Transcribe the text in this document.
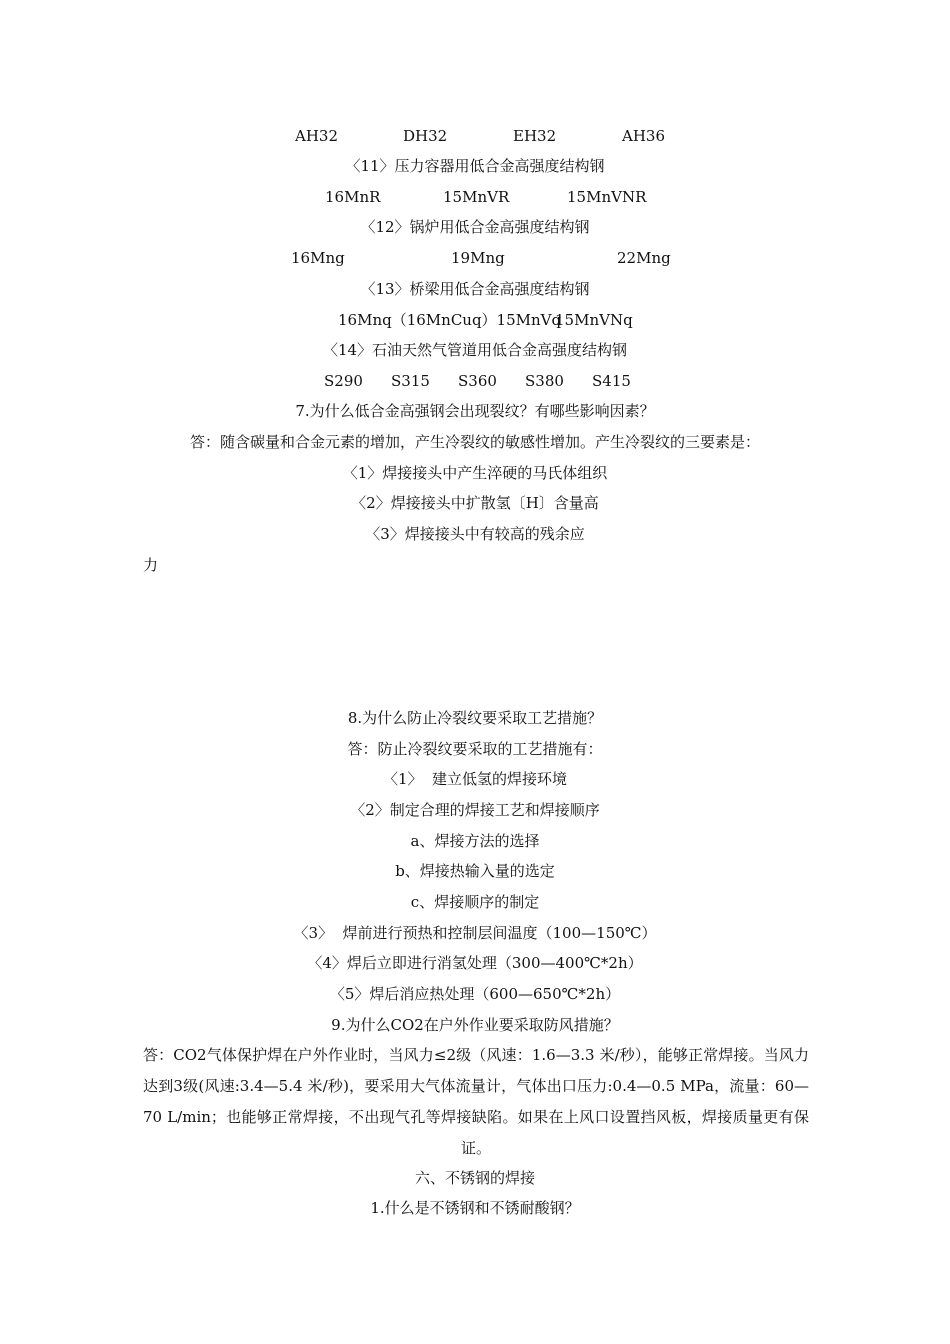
AH32	DH32	EH32	AH36
〈11〉压力容器用低合金高强度结构钢
16MnR	15MnVR	15MnVNR
〈12〉锅炉用低合金高强度结构钢
16Mng	19Mng	22Mng
〈13〉桥梁用低合金高强度结构钢
16Mnq（16MnCuq）15MnVq
15MnVNq
〈14〉石油天然气管道用低合金高强度结构钢
S290 S315 S360 S380 S415
7.为什么低合金高强钢会出现裂纹？有哪些影响因素？
答：随含碳量和合金元素的增加，产生冷裂纹的敏感性增加。产生冷裂纹的三要素是：
〈1〉焊接接头中产生淬硬的马氏体组织
〈2〉焊接接头中扩散氢〔H〕含量高
〈3〉焊接接头中有较高的残余应
力
8.为什么防止冷裂纹要采取工艺措施？
答：防止冷裂纹要采取的工艺措施有：
〈1〉  建立低氢的焊接环境
〈2〉制定合理的焊接工艺和焊接顺序
a、焊接方法的选择
b、焊接热输入量的选定
c、焊接顺序的制定
〈3〉  焊前进行预热和控制层间温度（100—150℃）
〈4〉焊后立即进行消氢处理（300—400℃*2h）
〈5〉焊后消应热处理（600—650℃*2h）
9.为什么CO2在户外作业要采取防风措施？
答：CO2气体保护焊在户外作业时，当风力≤2级（风速：1.6—3.3 米/秒），能够正常焊接。当风力达到3级(风速:3.4—5.4 米/秒)，要采用大气体流量计，气体出口压力:0.4—0.5 MPa，流量：60—70 L/min；也能够正常焊接，不出现气孔等焊接缺陷。如果在上风口设置挡风板，焊接质量更有保证。
六、不锈钢的焊接
1.什么是不锈钢和不锈耐酸钢？
